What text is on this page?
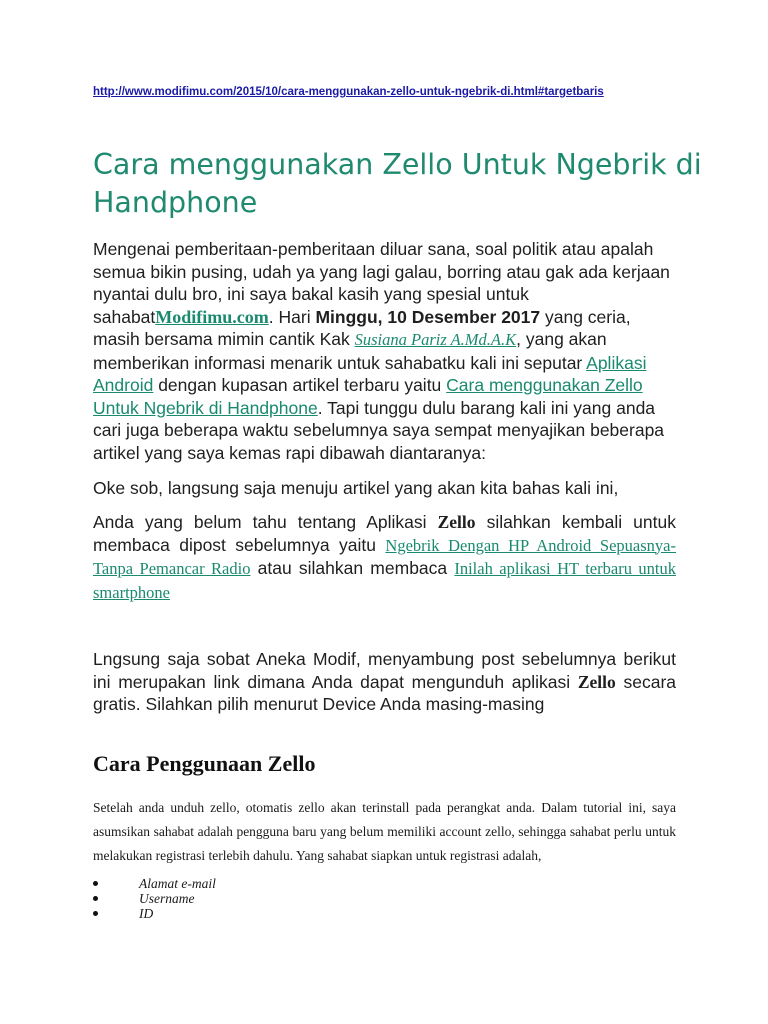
http://www.modifimu.com/2015/10/cara-menggunakan-zello-untuk-ngebrik-di.html#targetbaris
Cara menggunakan Zello Untuk Ngebrik di Handphone

Mengenai pemberitaan-pemberitaan diluar sana, soal politik atau apalah semua bikin pusing, udah ya yang lagi galau, borring atau gak ada kerjaan nyantai dulu bro, ini saya bakal kasih yang spesial untuk sahabatModifimu.com. Hari Minggu, 10 Desember 2017 yang ceria, masih bersama mimin cantik Kak Susiana Pariz A.Md.A.K, yang akan memberikan informasi menarik untuk sahabatku kali ini seputar Aplikasi Android dengan kupasan artikel terbaru yaitu Cara menggunakan Zello Untuk Ngebrik di Handphone. Tapi tunggu dulu barang kali ini yang anda cari juga beberapa waktu sebelumnya saya sempat menyajikan beberapa artikel yang saya kemas rapi dibawah diantaranya:

Oke sob, langsung saja menuju artikel yang akan kita bahas kali ini,

Anda yang belum tahu tentang Aplikasi Zello silahkan kembali untuk membaca dipost sebelumnya yaitu Ngebrik Dengan HP Android Sepuasnya-Tanpa Pemancar Radio atau silahkan membaca Inilah aplikasi HT terbaru untuk smartphone

Lngsung saja sobat Aneka Modif, menyambung post sebelumnya berikut ini merupakan link dimana Anda dapat mengunduh aplikasi Zello secara gratis. Silahkan pilih menurut Device Anda masing-masing

Cara Penggunaan Zello

Setelah anda unduh zello, otomatis zello akan terinstall pada perangkat anda. Dalam tutorial ini, saya asumsikan sahabat adalah pengguna baru yang belum memiliki account zello, sehingga sahabat perlu untuk melakukan registrasi terlebih dahulu. Yang sahabat siapkan untuk registrasi adalah,

Alamat e-mail
Username
ID
